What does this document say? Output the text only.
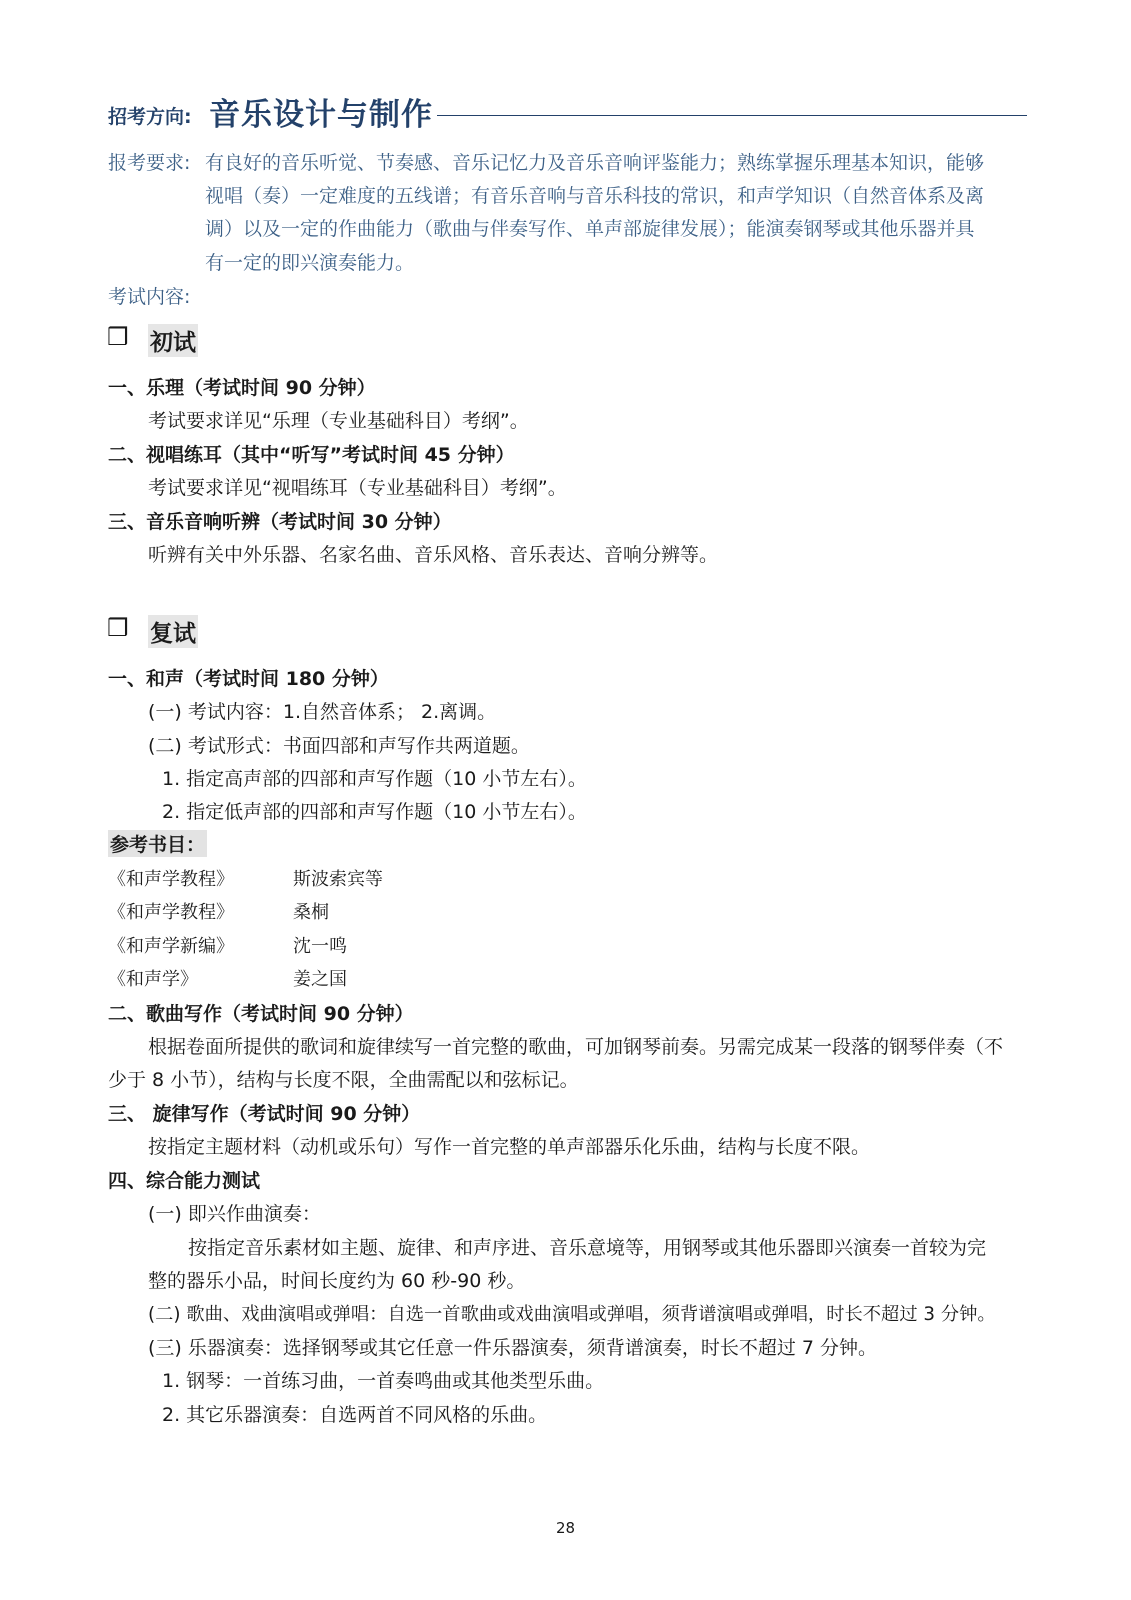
招考方向: 音乐设计与制作
报考要求: 有良好的音乐听觉、节奏感、音乐记忆力及音乐音响评鉴能力；熟练掌握乐理基本知识，能够
视唱（奏）一定难度的五线谱；有音乐音响与音乐科技的常识，和声学知识（自然音体系及离
调）以及一定的作曲能力（歌曲与伴奏写作、单声部旋律发展）；能演奏钢琴或其他乐器并具
有一定的即兴演奏能力。
考试内容:
❒ 初试
一、乐理（考试时间 90 分钟）
考试要求详见“乐理（专业基础科目）考纲”。
二、视唱练耳（其中“听写”考试时间 45 分钟）
考试要求详见“视唱练耳（专业基础科目）考纲”。
三、音乐音响听辨（考试时间 30 分钟）
听辨有关中外乐器、名家名曲、音乐风格、音乐表达、音响分辨等。
❒ 复试
一、和声（考试时间 180 分钟）
(一) 考试内容：1.自然音体系； 2.离调。
(二) 考试形式：书面四部和声写作共两道题。
1. 指定高声部的四部和声写作题（10 小节左右）。
2. 指定低声部的四部和声写作题（10 小节左右）。
参考书目：
《和声学教程》	斯波索宾等
《和声学教程》	桑桐
《和声学新编》	沈一鸣
《和声学》	姜之国
二、歌曲写作（考试时间 90 分钟）
根据卷面所提供的歌词和旋律续写一首完整的歌曲，可加钢琴前奏。另需完成某一段落的钢琴伴奏（不
少于 8 小节），结构与长度不限，全曲需配以和弦标记。
三、 旋律写作（考试时间 90 分钟）
按指定主题材料（动机或乐句）写作一首完整的单声部器乐化乐曲，结构与长度不限。
四、综合能力测试
(一) 即兴作曲演奏：
按指定音乐素材如主题、旋律、和声序进、音乐意境等，用钢琴或其他乐器即兴演奏一首较为完
整的器乐小品，时间长度约为 60 秒-90 秒。
(二) 歌曲、戏曲演唱或弹唱：自选一首歌曲或戏曲演唱或弹唱，须背谱演唱或弹唱，时长不超过 3 分钟。
(三) 乐器演奏：选择钢琴或其它任意一件乐器演奏，须背谱演奏，时长不超过 7 分钟。
1. 钢琴：一首练习曲，一首奏鸣曲或其他类型乐曲。
2. 其它乐器演奏：自选两首不同风格的乐曲。
28
